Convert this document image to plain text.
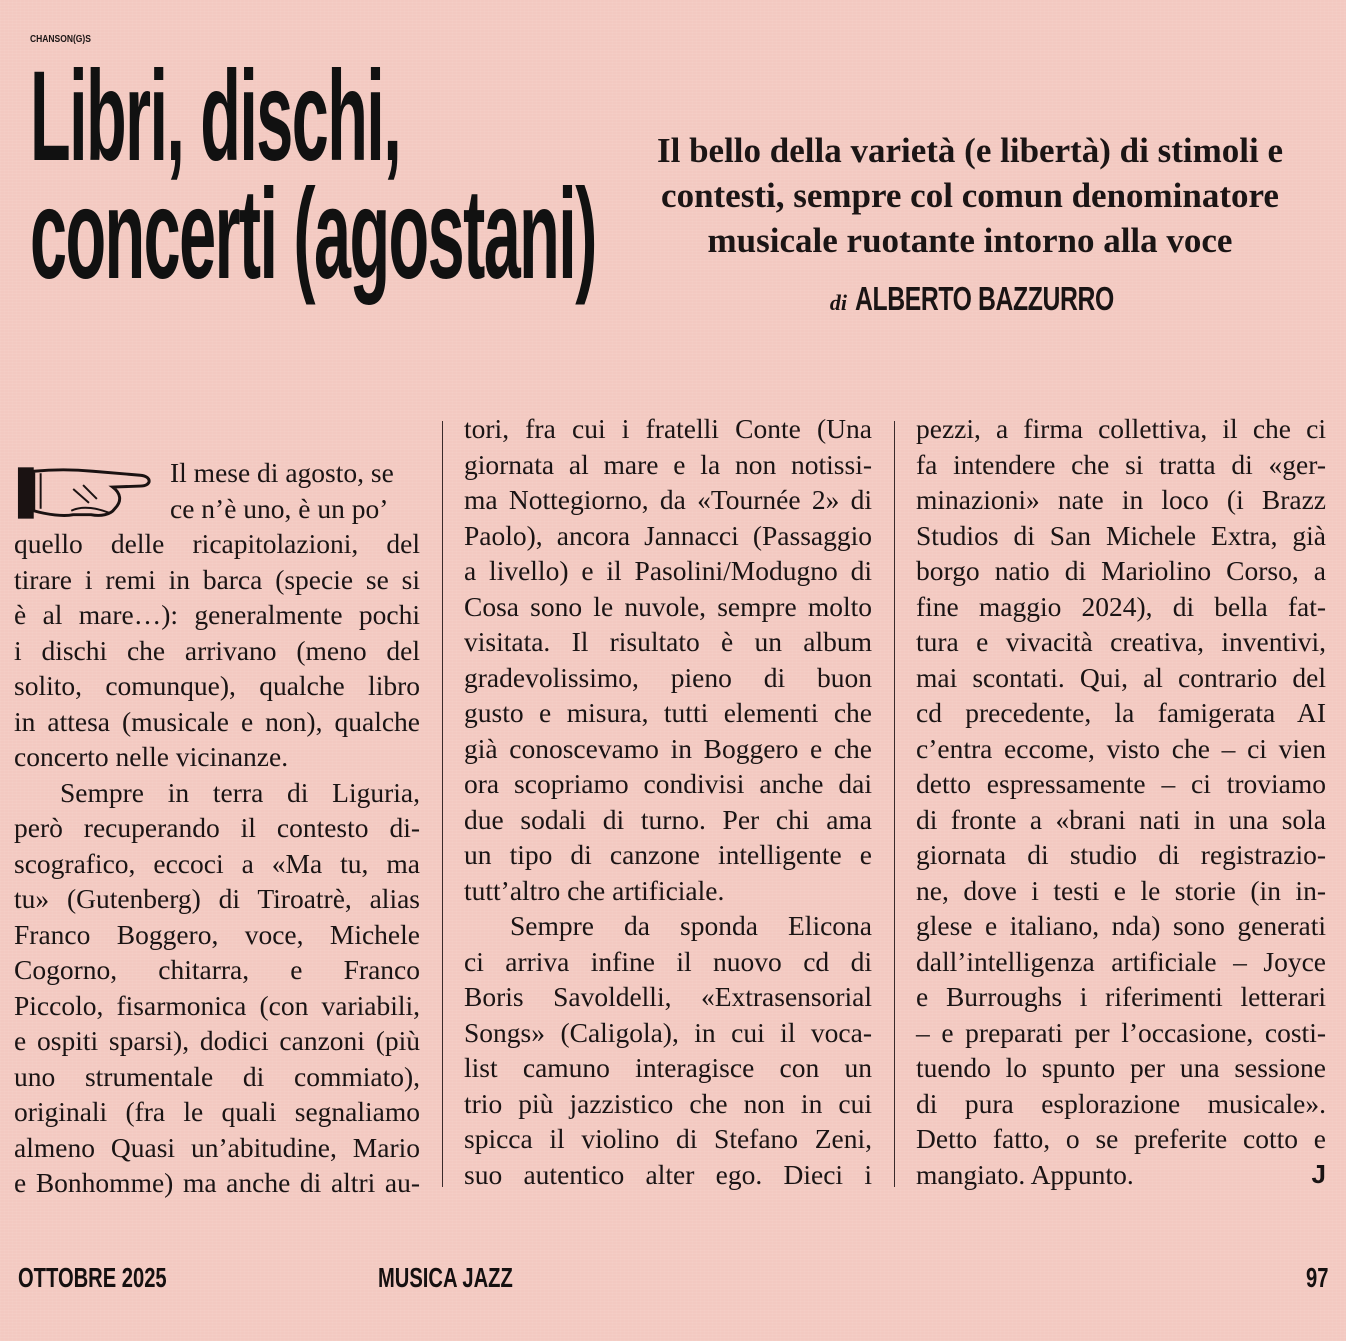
CHANSON(G)S
Libri, dischi,
concerti (agostani)
Il bello della varietà (e libertà) di stimoli e
contesti, sempre col comun denominatore
musicale ruotante intorno alla voce
di ALBERTO BAZZURRO
Il mese di agosto, se
ce n’è uno, è un po’
quello delle ricapitolazioni, del
tirare i remi in barca (specie se si
è al mare…): generalmente pochi
i dischi che arrivano (meno del
solito, comunque), qualche libro
in attesa (musicale e non), qualche
concerto nelle vicinanze.
Sempre in terra di Liguria,
però recuperando il contesto di-
scografico, eccoci a «Ma tu, ma
tu» (Gutenberg) di Tiroatrè, alias
Franco Boggero, voce, Michele
Cogorno, chitarra, e Franco
Piccolo, fisarmonica (con variabili,
e ospiti sparsi), dodici canzoni (più
uno strumentale di commiato),
originali (fra le quali segnaliamo
almeno Quasi un’abitudine, Mario
e Bonhomme) ma anche di altri au-
tori, fra cui i fratelli Conte (Una
giornata al mare e la non notissi-
ma Nottegiorno, da «Tournée 2» di
Paolo), ancora Jannacci (Passaggio
a livello) e il Pasolini/Modugno di
Cosa sono le nuvole, sempre molto
visitata. Il risultato è un album
gradevolissimo, pieno di buon
gusto e misura, tutti elementi che
già conoscevamo in Boggero e che
ora scopriamo condivisi anche dai
due sodali di turno. Per chi ama
un tipo di canzone intelligente e
tutt’altro che artificiale.
Sempre da sponda Elicona
ci arriva infine il nuovo cd di
Boris Savoldelli, «Extrasensorial
Songs» (Caligola), in cui il voca-
list camuno interagisce con un
trio più jazzistico che non in cui
spicca il violino di Stefano Zeni,
suo autentico alter ego. Dieci i
pezzi, a firma collettiva, il che ci
fa intendere che si tratta di «ger-
minazioni» nate in loco (i Brazz
Studios di San Michele Extra, già
borgo natio di Mariolino Corso, a
fine maggio 2024), di bella fat-
tura e vivacità creativa, inventivi,
mai scontati. Qui, al contrario del
cd precedente, la famigerata AI
c’entra eccome, visto che – ci vien
detto espressamente – ci troviamo
di fronte a «brani nati in una sola
giornata di studio di registrazio-
ne, dove i testi e le storie (in in-
glese e italiano, nda) sono generati
dall’intelligenza artificiale – Joyce
e Burroughs i riferimenti letterari
– e preparati per l’occasione, costi-
tuendo lo spunto per una sessione
di pura esplorazione musicale».
Detto fatto, o se preferite cotto e
mangiato. Appunto.	J
OTTOBRE 2025	MUSICA JAZZ	97
